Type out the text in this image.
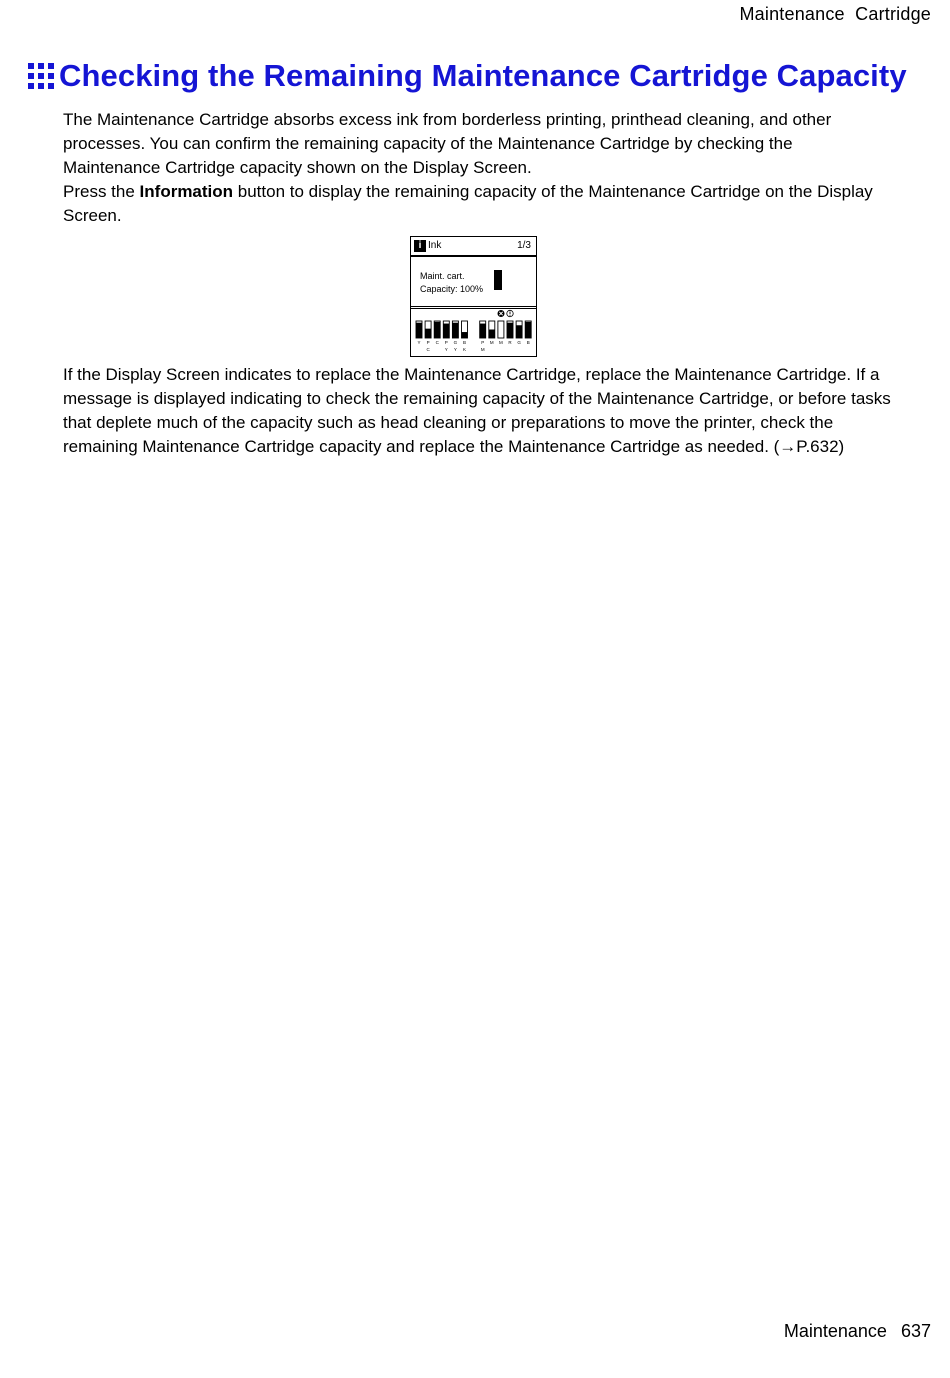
Maintenance  Cartridge
Checking the Remaining Maintenance Cartridge Capacity

The Maintenance Cartridge absorbs excess ink from borderless printing, printhead cleaning, and other processes. You can confirm the remaining capacity of the Maintenance Cartridge by checking the Maintenance Cartridge capacity shown on the Display Screen.

Press the Information button to display the remaining capacity of the Maintenance Cartridge on the Display Screen.

i Ink	1/3
Maint. cart.
Capacity: 100%
Y P
C
C P
Y
G
Y
B
K
P
M
M M R G B

If the Display Screen indicates to replace the Maintenance Cartridge, replace the Maintenance Cartridge. If a message is displayed indicating to check the remaining capacity of the Maintenance Cartridge, or before tasks that deplete much of the capacity such as head cleaning or preparations to move the printer, check the remaining Maintenance Cartridge capacity and replace the Maintenance Cartridge as needed. (→P.632)

Maintenance 637
